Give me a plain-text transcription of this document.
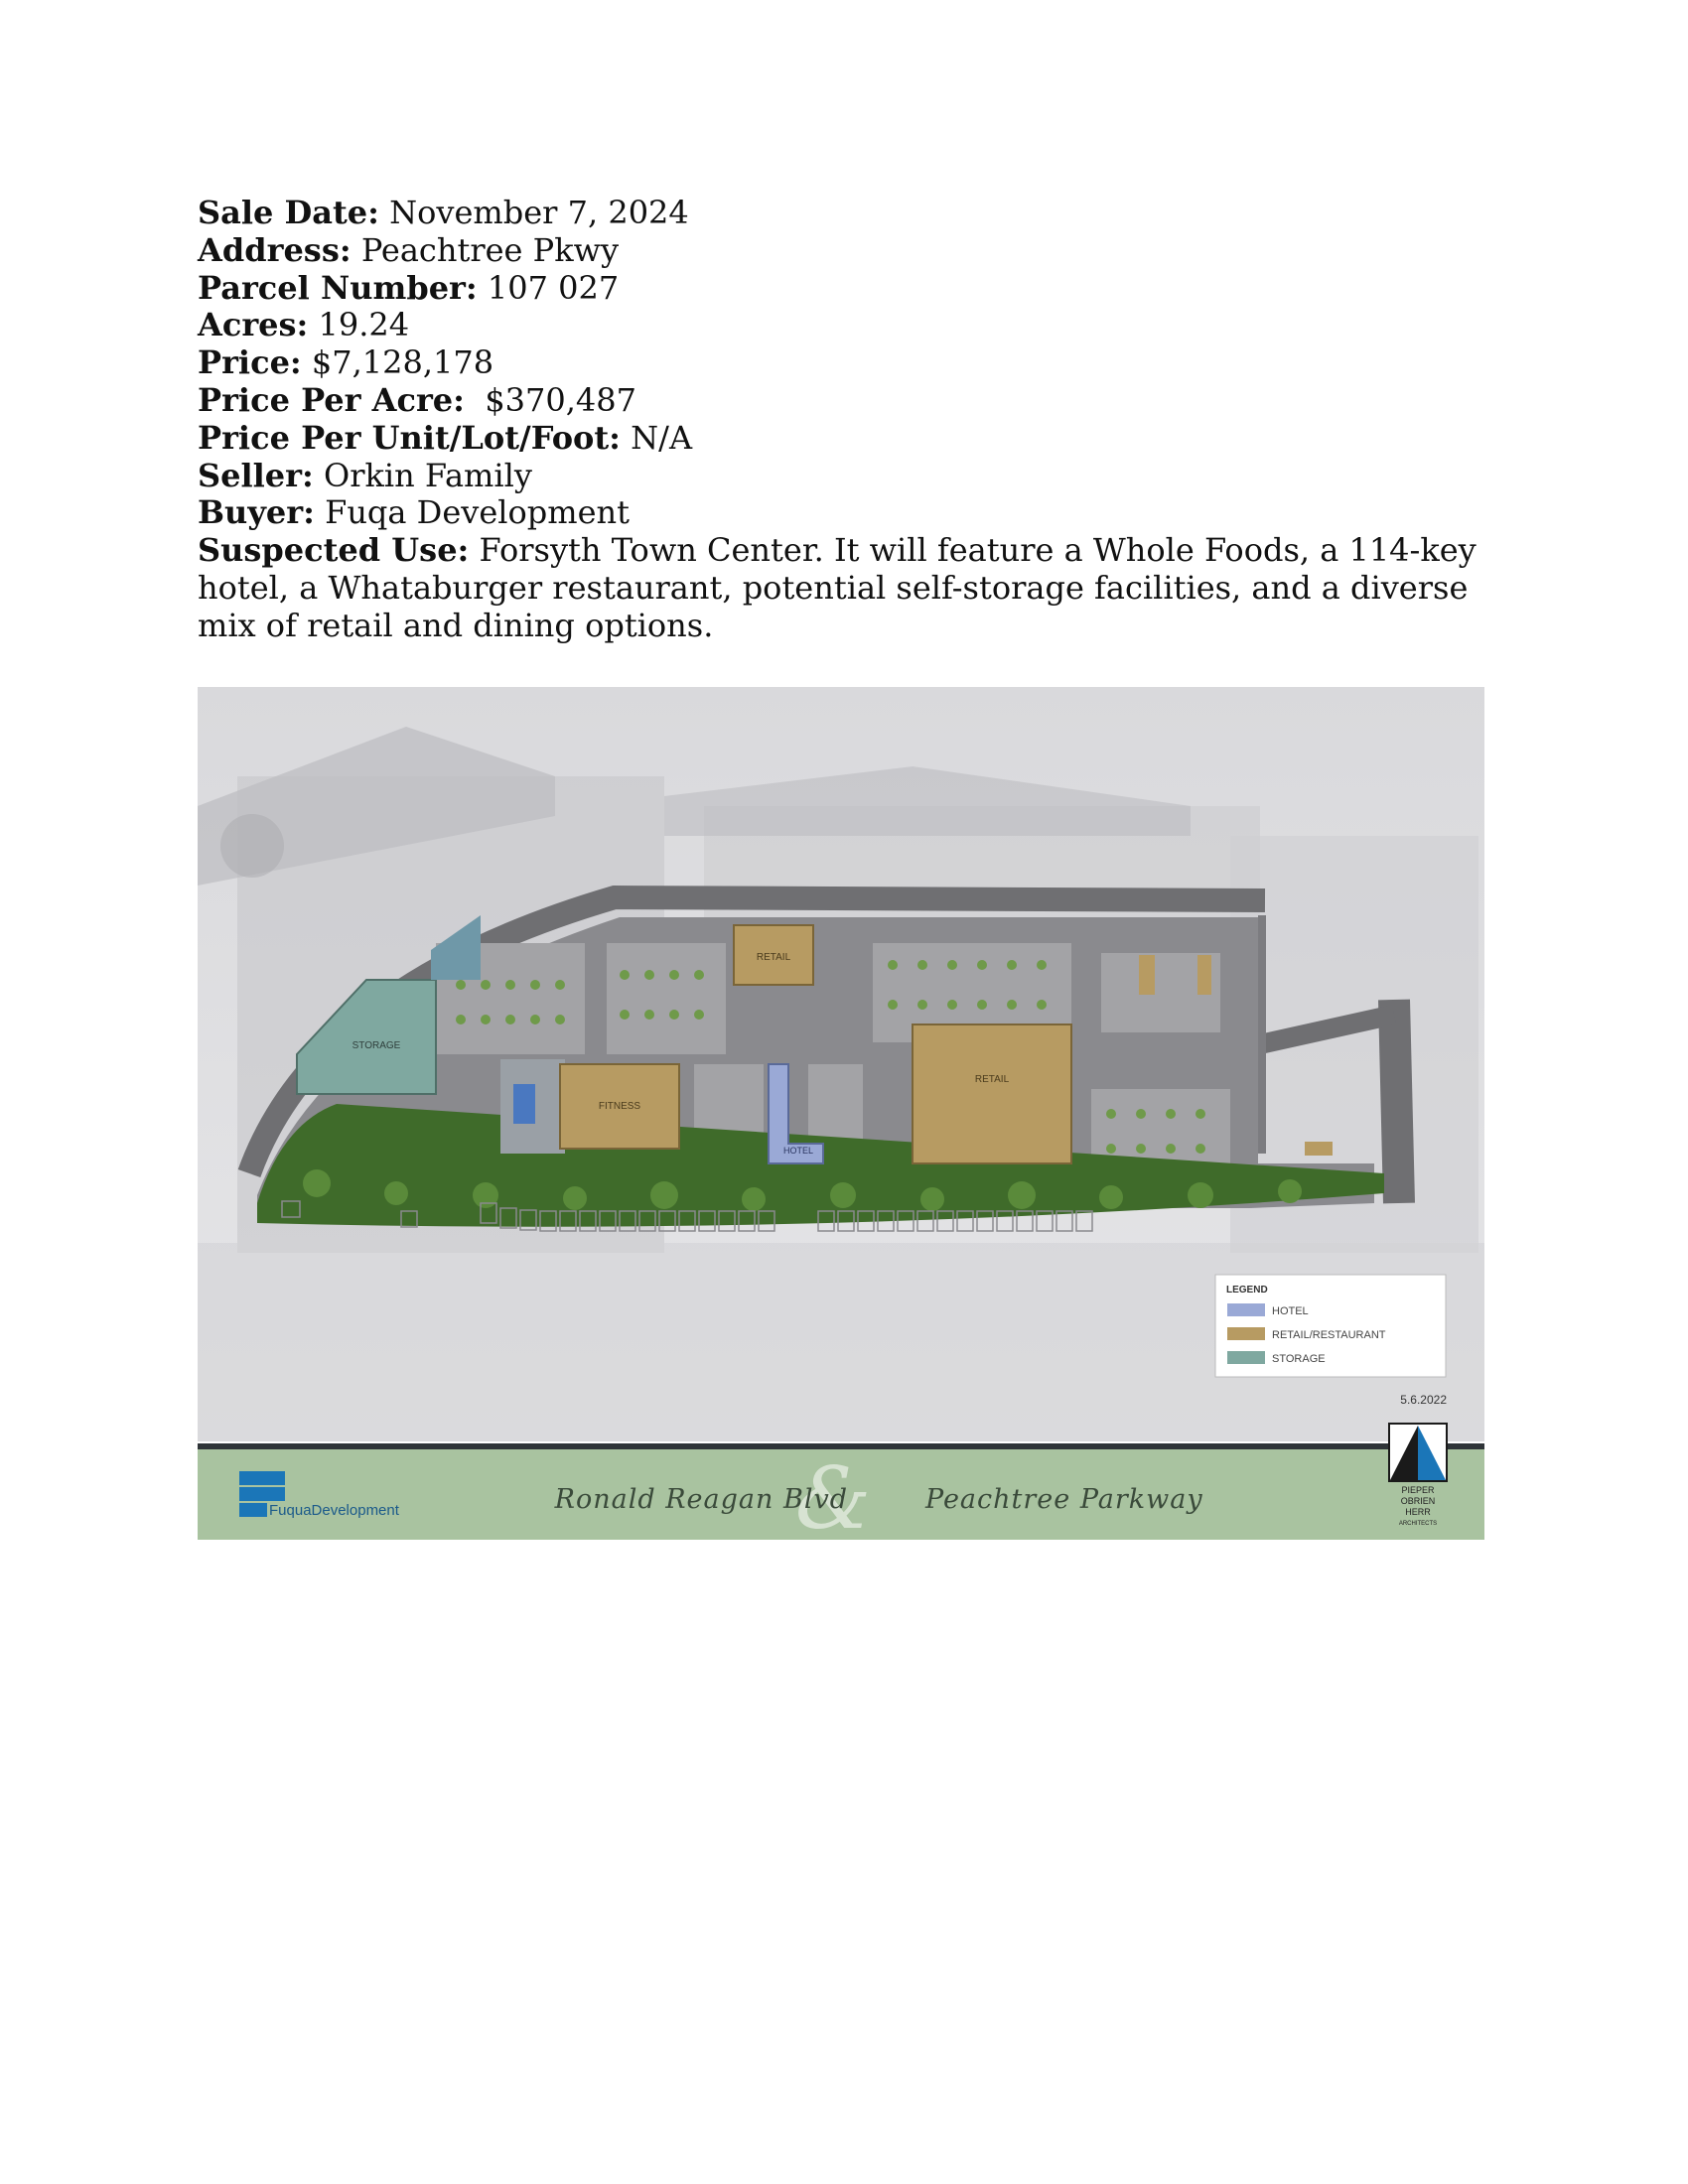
Sale Date: November 7, 2024

Address: Peachtree Pkwy

Parcel Number: 107 027

Acres: 19.24

Price: $7,128,178

Price Per Acre: $370,487

Price Per Unit/Lot/Foot: N/A

Seller: Orkin Family

Buyer: Fuqa Development

Suspected Use: Forsyth Town Center. It will feature a Whole Foods, a 114-key hotel, a Whataburger restaurant, potential self-storage facilities, and a diverse mix of retail and dining options.

STORAGE
FITNESS
RETAIL
HOTEL
RETAIL
LEGEND
HOTEL
RETAIL/RESTAURANT
STORAGE
5.6.2022
FuquaDevelopment	&
Ronald Reagan Blvd	Peachtree Parkway	PIEPER
OBRIEN
HERR
ARCHITECTS
